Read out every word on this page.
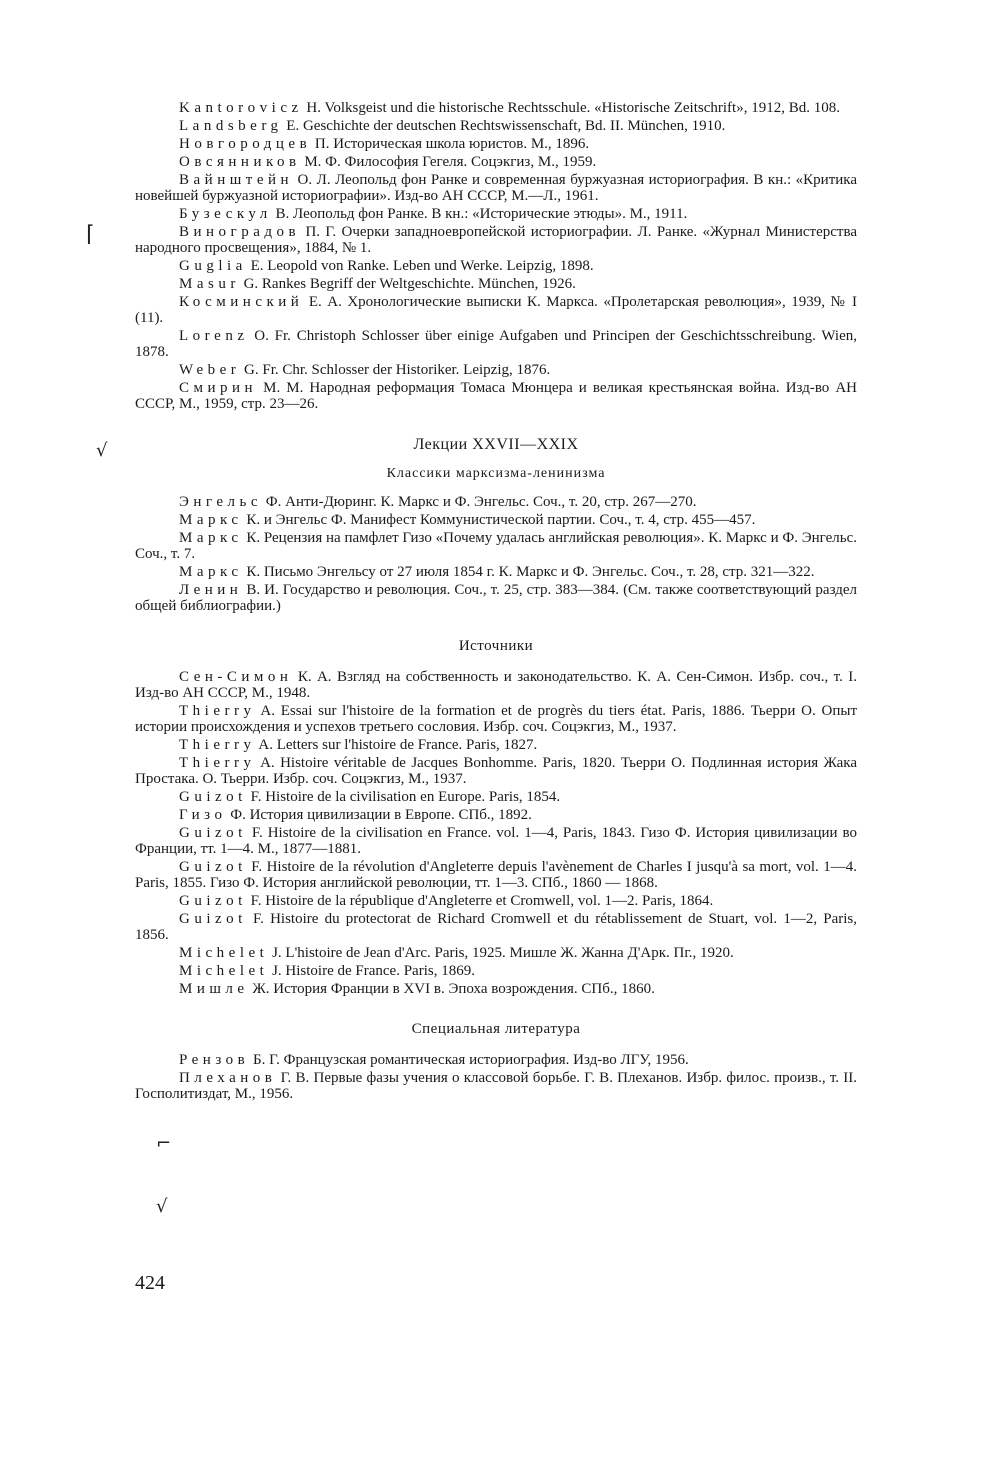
Kantorovicz H. Volksgeist und die historische Rechtsschule. «Historische Zeitschrift», 1912, Bd. 108.

Landsberg E. Geschichte der deutschen Rechtswissenschaft, Bd. II. München, 1910.

Новгородцев П. Историческая школа юристов. М., 1896.

Овсянников М. Ф. Философия Гегеля. Соцэкгиз, М., 1959.

Вайнштейн О. Л. Леопольд фон Ранке и современная буржуазная историография. В кн.: «Критика новейшей буржуазной историографии». Изд-во АН СССР, М.—Л., 1961.

Бузескул В. Леопольд фон Ранке. В кн.: «Исторические этюды». М., 1911.

Виноградов П. Г. Очерки западноевропейской историографии. Л. Ранке. «Журнал Министерства народного просвещения», 1884, № 1.

Guglia E. Leopold von Ranke. Leben und Werke. Leipzig, 1898.

Masur G. Rankes Begriff der Weltgeschichte. München, 1926.

Косминский Е. А. Хронологические выписки К. Маркса. «Пролетарская революция», 1939, № I (11).

Lorenz O. Fr. Christoph Schlosser über einige Aufgaben und Principen der Geschichtsschreibung. Wien, 1878.

Weber G. Fr. Chr. Schlosser der Historiker. Leipzig, 1876.

Смирин М. М. Народная реформация Томаса Мюнцера и великая крестьянская война. Изд-во АН СССР, М., 1959, стр. 23—26.

Лекции XXVII—XXIX
Классики марксизма-ленинизма

Энгельс Ф. Анти-Дюринг. К. Маркс и Ф. Энгельс. Соч., т. 20, стр. 267—270.

Маркс К. и Энгельс Ф. Манифест Коммунистической партии. Соч., т. 4, стр. 455—457.

Маркс К. Рецензия на памфлет Гизо «Почему удалась английская революция». К. Маркс и Ф. Энгельс. Соч., т. 7.

Маркс К. Письмо Энгельсу от 27 июля 1854 г. К. Маркс и Ф. Энгельс. Соч., т. 28, стр. 321—322.

Ленин В. И. Государство и революция. Соч., т. 25, стр. 383—384. (См. также соответствующий раздел общей библиографии.)

Источники

Сен-Симон К. А. Взгляд на собственность и законодательство. К. А. Сен-Симон. Избр. соч., т. I. Изд-во АН СССР, М., 1948.

Thierry A. Essai sur l'histoire de la formation et de progrès du tiers état. Paris, 1886. Тьерри О. Опыт истории происхождения и успехов третьего сословия. Избр. соч. Соцэкгиз, М., 1937.

Thierry A. Letters sur l'histoire de France. Paris, 1827.

Thierry A. Histoire véritable de Jacques Bonhomme. Paris, 1820. Тьерри О. Подлинная история Жака Простака. О. Тьерри. Избр. соч. Соцэкгиз, М., 1937.

Guizot F. Histoire de la civilisation en Europe. Paris, 1854.

Гизо Ф. История цивилизации в Европе. СПб., 1892.

Guizot F. Histoire de la civilisation en France. vol. 1—4, Paris, 1843. Гизо Ф. История цивилизации во Франции, тт. 1—4. М., 1877—1881.

Guizot F. Histoire de la révolution d'Angleterre depuis l'avènement de Charles I jusqu'à sa mort, vol. 1—4. Paris, 1855. Гизо Ф. История английской революции, тт. 1—3. СПб., 1860 — 1868.

Guizot F. Histoire de la république d'Angleterre et Cromwell, vol. 1—2. Paris, 1864.

Guizot F. Histoire du protectorat de Richard Cromwell et du rétablissement de Stuart, vol. 1—2, Paris, 1856.

Michelet J. L'histoire de Jean d'Arc. Paris, 1925. Мишле Ж. Жанна Д'Арк. Пг., 1920.

Michelet J. Histoire de France. Paris, 1869.

Мишле Ж. История Франции в XVI в. Эпоха возрождения. СПб., 1860.

Специальная литература

Рензов Б. Г. Французская романтическая историография. Изд-во ЛГУ, 1956.

Плеханов Г. В. Первые фазы учения о классовой борьбе. Г. В. Плеханов. Избр. филос. произв., т. II. Госполитиздат, М., 1956.

424
⌈
√
⌐
√
